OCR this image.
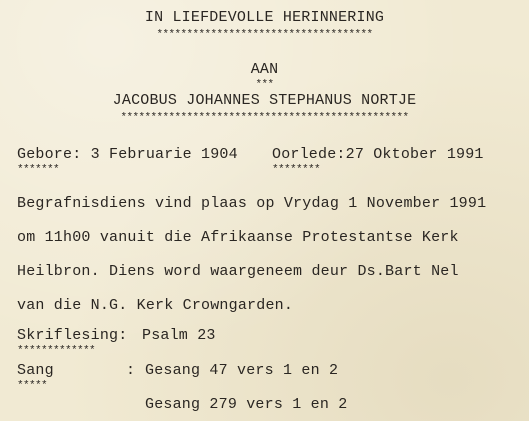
IN LIEFDEVOLLE HERINNERING
************************************
AAN
***
JACOBUS JOHANNES STEPHANUS NORTJE
************************************************
Gebore: 3 Februarie 1904
*******
Oorlede:27 Oktober 1991
********
Begrafnisdiens vind plaas op Vrydag 1 November 1991
om 11h00 vanuit die Afrikaanse Protestantse Kerk
Heilbron. Diens word waargeneem deur Ds.Bart Nel
van die N.G. Kerk Crowngarden.
Skriflesing: Psalm 23
*************
Sang
*****
: Gesang 47 vers 1 en 2
Gesang 279 vers 1 en 2
